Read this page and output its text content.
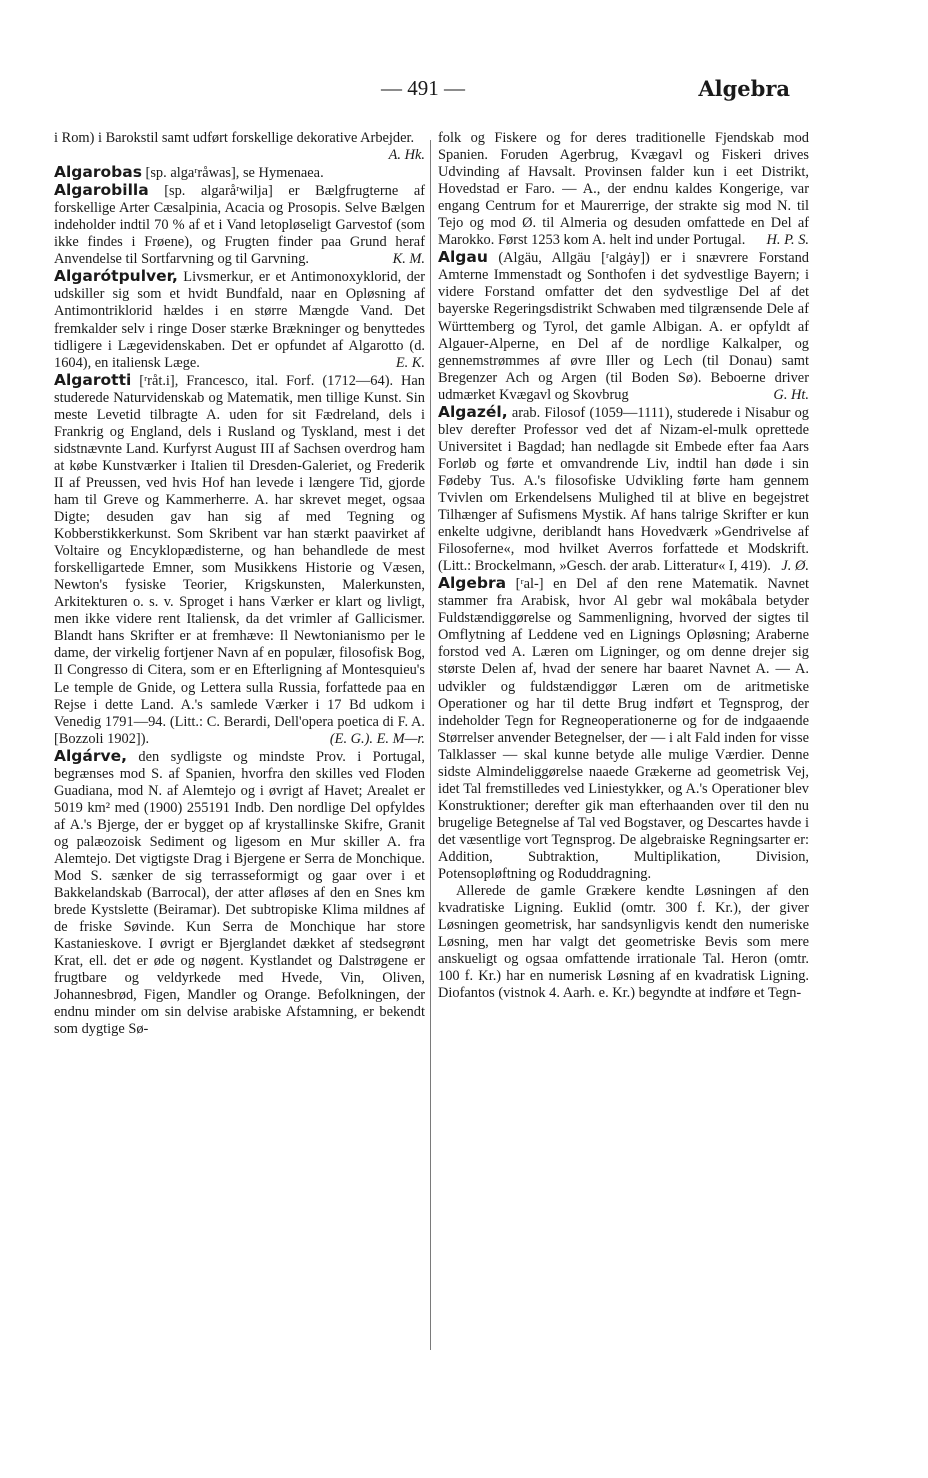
— 491 —	Algebra

i Rom) i Barokstil samt udført forskellige dekorative Arbejder.
A. Hk.

Algarobas [sp. algaʳråwas], se Hymenaea.

Algarobilla [sp. algaråʳwilja] er Bælgfrugterne af forskellige Arter Cæsalpinia, Acacia og Prosopis. Selve Bælgen indeholder indtil 70 % af et i Vand letopløseligt Garvestof (som ikke findes i Frøene), og Frugten finder paa Grund heraf Anvendelse til Sortfarvning og til Garvning.	K. M.

Algarótpulver, Livsmerkur, er et Antimonoxyklorid, der udskiller sig som et hvidt Bundfald, naar en Opløsning af Antimontriklorid hældes i en større Mængde Vand. Det fremkalder selv i ringe Doser stærke Brækninger og benyttedes tidligere i Lægevidenskaben. Det er opfundet af Algarotto (d. 1604), en italiensk Læge.	E. K.

Algarotti [ʳråt.i], Francesco, ital. Forf. (1712—64). Han studerede Naturvidenskab og Matematik, men tillige Kunst. Sin meste Levetid tilbragte A. uden for sit Fædreland, dels i Frankrig og England, dels i Rusland og Tyskland, mest i det sidstnævnte Land. Kurfyrst August III af Sachsen overdrog ham at købe Kunstværker i Italien til Dresden-Galeriet, og Frederik II af Preussen, ved hvis Hof han levede i længere Tid, gjorde ham til Greve og Kammerherre. A. har skrevet meget, ogsaa Digte; desuden gav han sig af med Tegning og Kobberstikkerkunst. Som Skribent var han stærkt paavirket af Voltaire og Encyklopædisterne, og han behandlede de mest forskelligartede Emner, som Musikkens Historie og Væsen, Newton's fysiske Teorier, Krigskunsten, Malerkunsten, Arkitekturen o. s. v. Sproget i hans Værker er klart og livligt, men ikke videre rent Italiensk, da det vrimler af Gallicismer. Blandt hans Skrifter er at fremhæve: Il Newtonianismo per le dame, der virkelig fortjener Navn af en populær, filosofisk Bog, Il Congresso di Citera, som er en Efterligning af Montesquieu's Le temple de Gnide, og Lettera sulla Russia, forfattede paa en Rejse i dette Land. A.'s samlede Værker i 17 Bd udkom i Venedig 1791—94. (Litt.: C. Berardi, Dell'opera poetica di F. A. [Bozzoli 1902]).	(E. G.). E. M—r.

Algárve, den sydligste og mindste Prov. i Portugal, begrænses mod S. af Spanien, hvorfra den skilles ved Floden Guadiana, mod N. af Alemtejo og i øvrigt af Havet; Arealet er 5019 km² med (1900) 255191 Indb. Den nordlige Del opfyldes af A.'s Bjerge, der er bygget op af krystallinske Skifre, Granit og palæozoisk Sediment og ligesom en Mur skiller A. fra Alemtejo. Det vigtigste Drag i Bjergene er Serra de Monchique. Mod S. sænker de sig terrasseformigt og gaar over i et Bakkelandskab (Barrocal), der atter afløses af den en Snes km brede Kystslette (Beiramar). Det subtropiske Klima mildnes af de friske Søvinde. Kun Serra de Monchique har store Kastanieskove. I øvrigt er Bjerglandet dækket af stedsegrønt Krat, ell. det er øde og nøgent. Kystlandet og Dalstrøgene er frugtbare og veldyrkede med Hvede, Vin, Oliven, Johannesbrød, Figen, Mandler og Orange. Befolkningen, der endnu minder om sin delvise arabiske Afstamning, er bekendt som dygtige Sø-

folk og Fiskere og for deres traditionelle Fjendskab mod Spanien. Foruden Agerbrug, Kvægavl og Fiskeri drives Udvinding af Havsalt. Provinsen falder kun i eet Distrikt, Hovedstad er Faro. — A., der endnu kaldes Kongerige, var engang Centrum for et Maurerrige, der strakte sig mod N. til Tejo og mod Ø. til Almeria og desuden omfattede en Del af Marokko. Først 1253 kom A. helt ind under Portugal. H. P. S.

Algau (Algäu, Allgäu [ʳalgȧy]) er i snævrere Forstand Amterne Immenstadt og Sonthofen i det sydvestlige Bayern; i videre Forstand omfatter det den sydvestlige Del af det bayerske Regeringsdistrikt Schwaben med tilgrænsende Dele af Württemberg og Tyrol, det gamle Albigan. A. er opfyldt af Algauer-Alperne, en Del af de nordlige Kalkalper, og gennemstrømmes af øvre Iller og Lech (til Donau) samt Bregenzer Ach og Argen (til Boden Sø). Beboerne driver udmærket Kvægavl og Skovbrug	G. Ht.

Algazél, arab. Filosof (1059—1111), studerede i Nisabur og blev derefter Professor ved det af Nizam-el-mulk oprettede Universitet i Bagdad; han nedlagde sit Embede efter faa Aars Forløb og førte et omvandrende Liv, indtil han døde i sin Fødeby Tus. A.'s filosofiske Udvikling førte ham gennem Tvivlen om Erkendelsens Mulighed til at blive en begejstret Tilhænger af Sufismens Mystik. Af hans talrige Skrifter er kun enkelte udgivne, deriblandt hans Hovedværk »Gendrivelse af Filosoferne«, mod hvilket Averros forfattede et Modskrift. (Litt.: Brockelmann, »Gesch. der arab. Litteratur« I, 419). J. Ø.

Algebra [ʳal-] en Del af den rene Matematik. Navnet stammer fra Arabisk, hvor Al gebr wal mokâbala betyder Fuldstændiggørelse og Sammenligning, hvorved der sigtes til Omflytning af Leddene ved en Lignings Opløsning; Araberne forstod ved A. Læren om Ligninger, og om denne drejer sig største Delen af, hvad der senere har baaret Navnet A. — A. udvikler og fuldstændiggør Læren om de aritmetiske Operationer og har til dette Brug indført et Tegnsprog, der indeholder Tegn for Regneoperationerne og for de indgaaende Størrelser anvender Betegnelser, der — i alt Fald inden for visse Talklasser — skal kunne betyde alle mulige Værdier. Denne sidste Almindeliggørelse naaede Grækerne ad geometrisk Vej, idet Tal fremstilledes ved Liniestykker, og A.'s Operationer blev Konstruktioner; derefter gik man efterhaanden over til den nu brugelige Betegnelse af Tal ved Bogstaver, og Descartes havde i det væsentlige vort Tegnsprog. De algebraiske Regningsarter er: Addition, Subtraktion, Multiplikation, Division, Potensopløftning og Roduddragning.

Allerede de gamle Grækere kendte Løsningen af den kvadratiske Ligning. Euklid (omtr. 300 f. Kr.), der giver Løsningen geometrisk, har sandsynligvis kendt den numeriske Løsning, men har valgt det geometriske Bevis som mere anskueligt og ogsaa omfattende irrationale Tal. Heron (omtr. 100 f. Kr.) har en numerisk Løsning af en kvadratisk Ligning. Diofantos (vistnok 4. Aarh. e. Kr.) begyndte at indføre et Tegn-
